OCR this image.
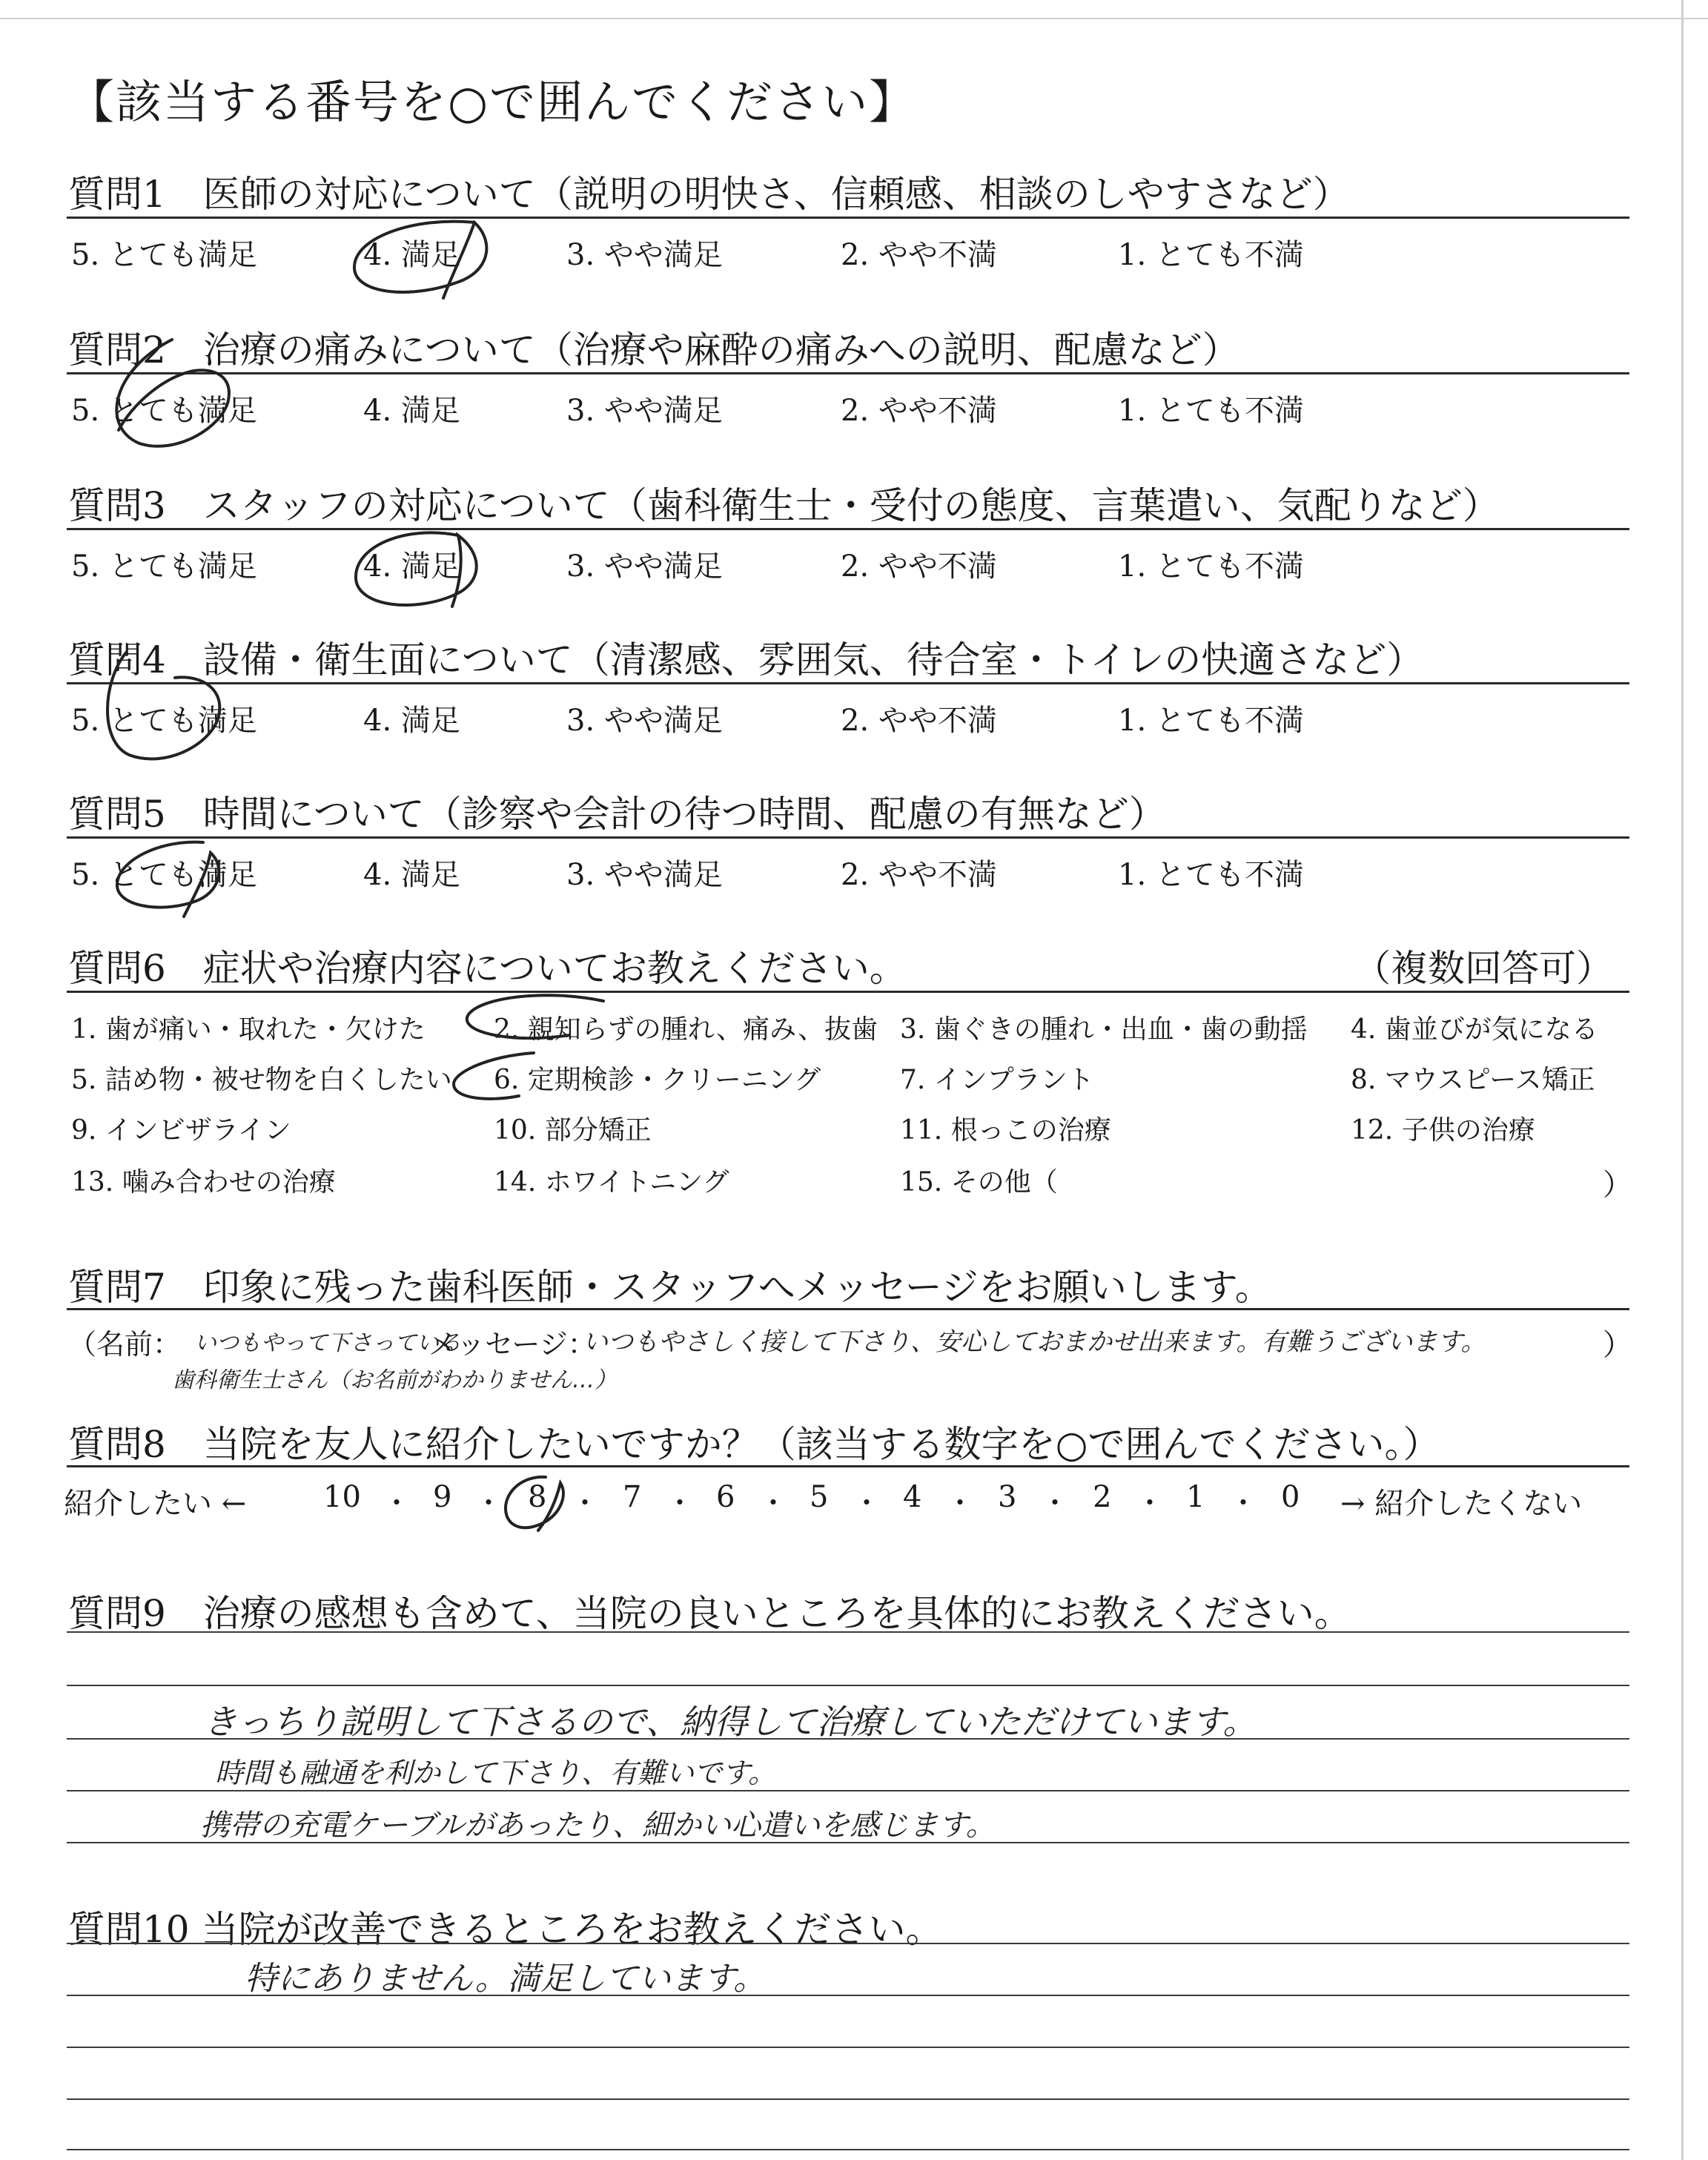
【該当する番号を○で囲んでください】
質問1　医師の対応について（説明の明快さ、信頼感、相談のしやすさなど）
5. とても満足	4. 満足	3. やや満足	2. やや不満	1. とても不満
質問2　治療の痛みについて（治療や麻酔の痛みへの説明、配慮など）
5. とても満足	4. 満足	3. やや満足	2. やや不満	1. とても不満
質問3　スタッフの対応について（歯科衛生士・受付の態度、言葉遣い、気配りなど）
5. とても満足	4. 満足	3. やや満足	2. やや不満	1. とても不満
質問4　設備・衛生面について（清潔感、雰囲気、待合室・トイレの快適さなど）
5. とても満足	4. 満足	3. やや満足	2. やや不満	1. とても不満
質問5　時間について（診察や会計の待つ時間、配慮の有無など）
5. とても満足	4. 満足	3. やや満足	2. やや不満	1. とても不満
質問6　症状や治療内容についてお教えください。	（複数回答可）
1. 歯が痛い・取れた・欠けた	2. 親知らずの腫れ、痛み、抜歯 3. 歯ぐきの腫れ・出血・歯の動揺 4. 歯並びが気になる
5. 詰め物・被せ物を白くしたい 6. 定期検診・クリーニング	7. インプラント	8. マウスピース矯正
9. インビザライン	10. 部分矯正	11. 根っこの治療	12. 子供の治療
13. 噛み合わせの治療	14. ホワイトニング	15. その他（	）
質問7　印象に残った歯科医師・スタッフへメッセージをお願いします。
（名前： いつもやって下さっている
メッセージ：
いつもやさしく接して下さり、安心しておまかせ出来ます。有難うございます。	）
歯科衛生士さん（お名前がわかりません…）
質問8　当院を友人に紹介したいですか？（該当する数字を○で囲んでください。）
紹介したい ←	10 ・ 9 ・ 8 ・ 7 ・ 6 ・ 5 ・ 4 ・ 3 ・ 2 ・ 1 ・ 0 → 紹介したくない
質問9　治療の感想も含めて、当院の良いところを具体的にお教えください。
きっちり説明して下さるので、納得して治療していただけています。
時間も融通を利かして下さり、有難いです。
携帯の充電ケーブルがあったり、細かい心遣いを感じます。
質問10 当院が改善できるところをお教えください。
特にありません。満足しています。
